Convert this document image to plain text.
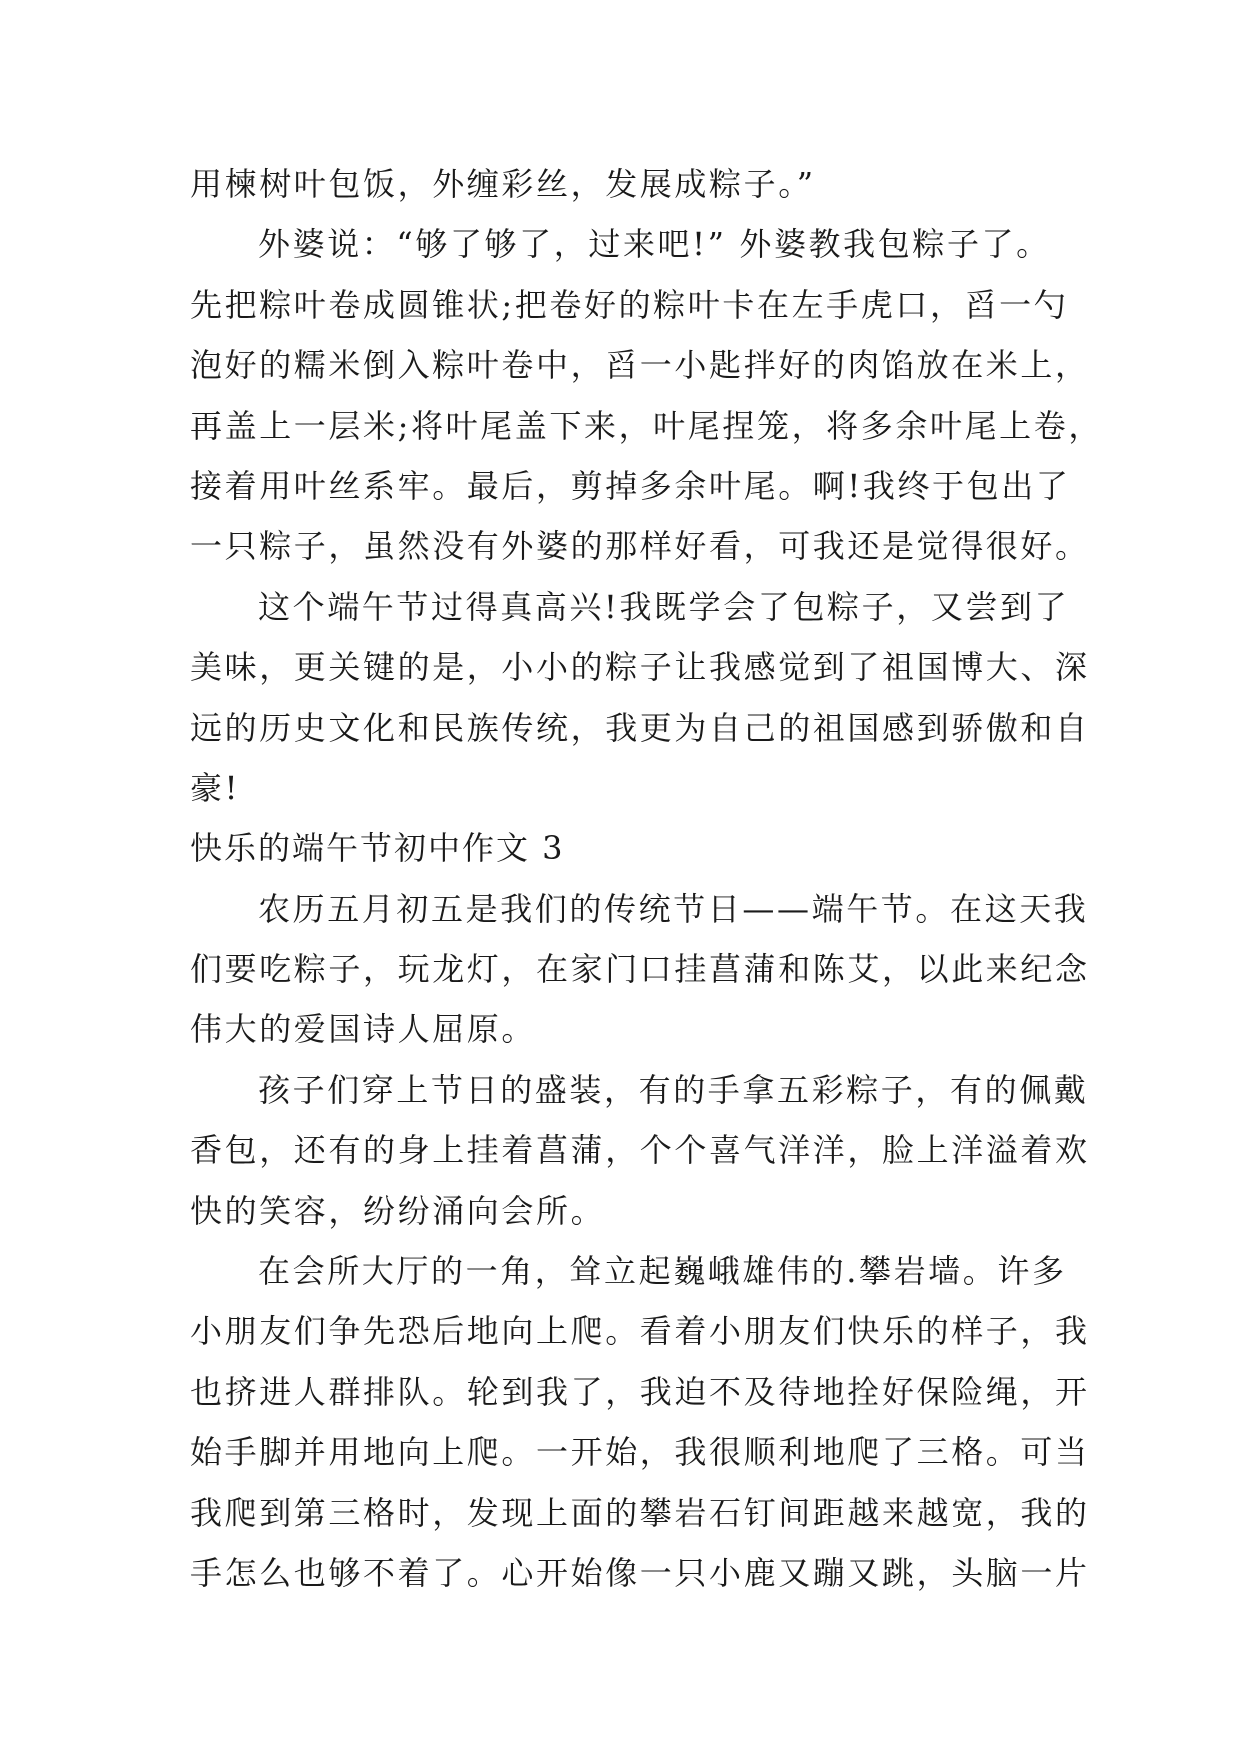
用楝树叶包饭，外缠彩丝，发展成粽子。”
外婆说：“够了够了，过来吧!” 外婆教我包粽子了。
先把粽叶卷成圆锥状;把卷好的粽叶卡在左手虎口，舀一勺
泡好的糯米倒入粽叶卷中，舀一小匙拌好的肉馅放在米上，
再盖上一层米;将叶尾盖下来，叶尾捏笼，将多余叶尾上卷，
接着用叶丝系牢。最后，剪掉多余叶尾。啊!我终于包出了
一只粽子，虽然没有外婆的那样好看，可我还是觉得很好。
这个端午节过得真高兴!我既学会了包粽子，又尝到了
美味，更关键的是，小小的粽子让我感觉到了祖国博大、深
远的历史文化和民族传统，我更为自己的祖国感到骄傲和自
豪!
快乐的端午节初中作文 3
农历五月初五是我们的传统节日——端午节。在这天我
们要吃粽子，玩龙灯，在家门口挂菖蒲和陈艾，以此来纪念
伟大的爱国诗人屈原。
孩子们穿上节日的盛装，有的手拿五彩粽子，有的佩戴
香包，还有的身上挂着菖蒲，个个喜气洋洋，脸上洋溢着欢
快的笑容，纷纷涌向会所。
在会所大厅的一角，耸立起巍峨雄伟的.攀岩墙。许多
小朋友们争先恐后地向上爬。看着小朋友们快乐的样子，我
也挤进人群排队。轮到我了，我迫不及待地拴好保险绳，开
始手脚并用地向上爬。一开始，我很顺利地爬了三格。可当
我爬到第三格时，发现上面的攀岩石钉间距越来越宽，我的
手怎么也够不着了。心开始像一只小鹿又蹦又跳，头脑一片
